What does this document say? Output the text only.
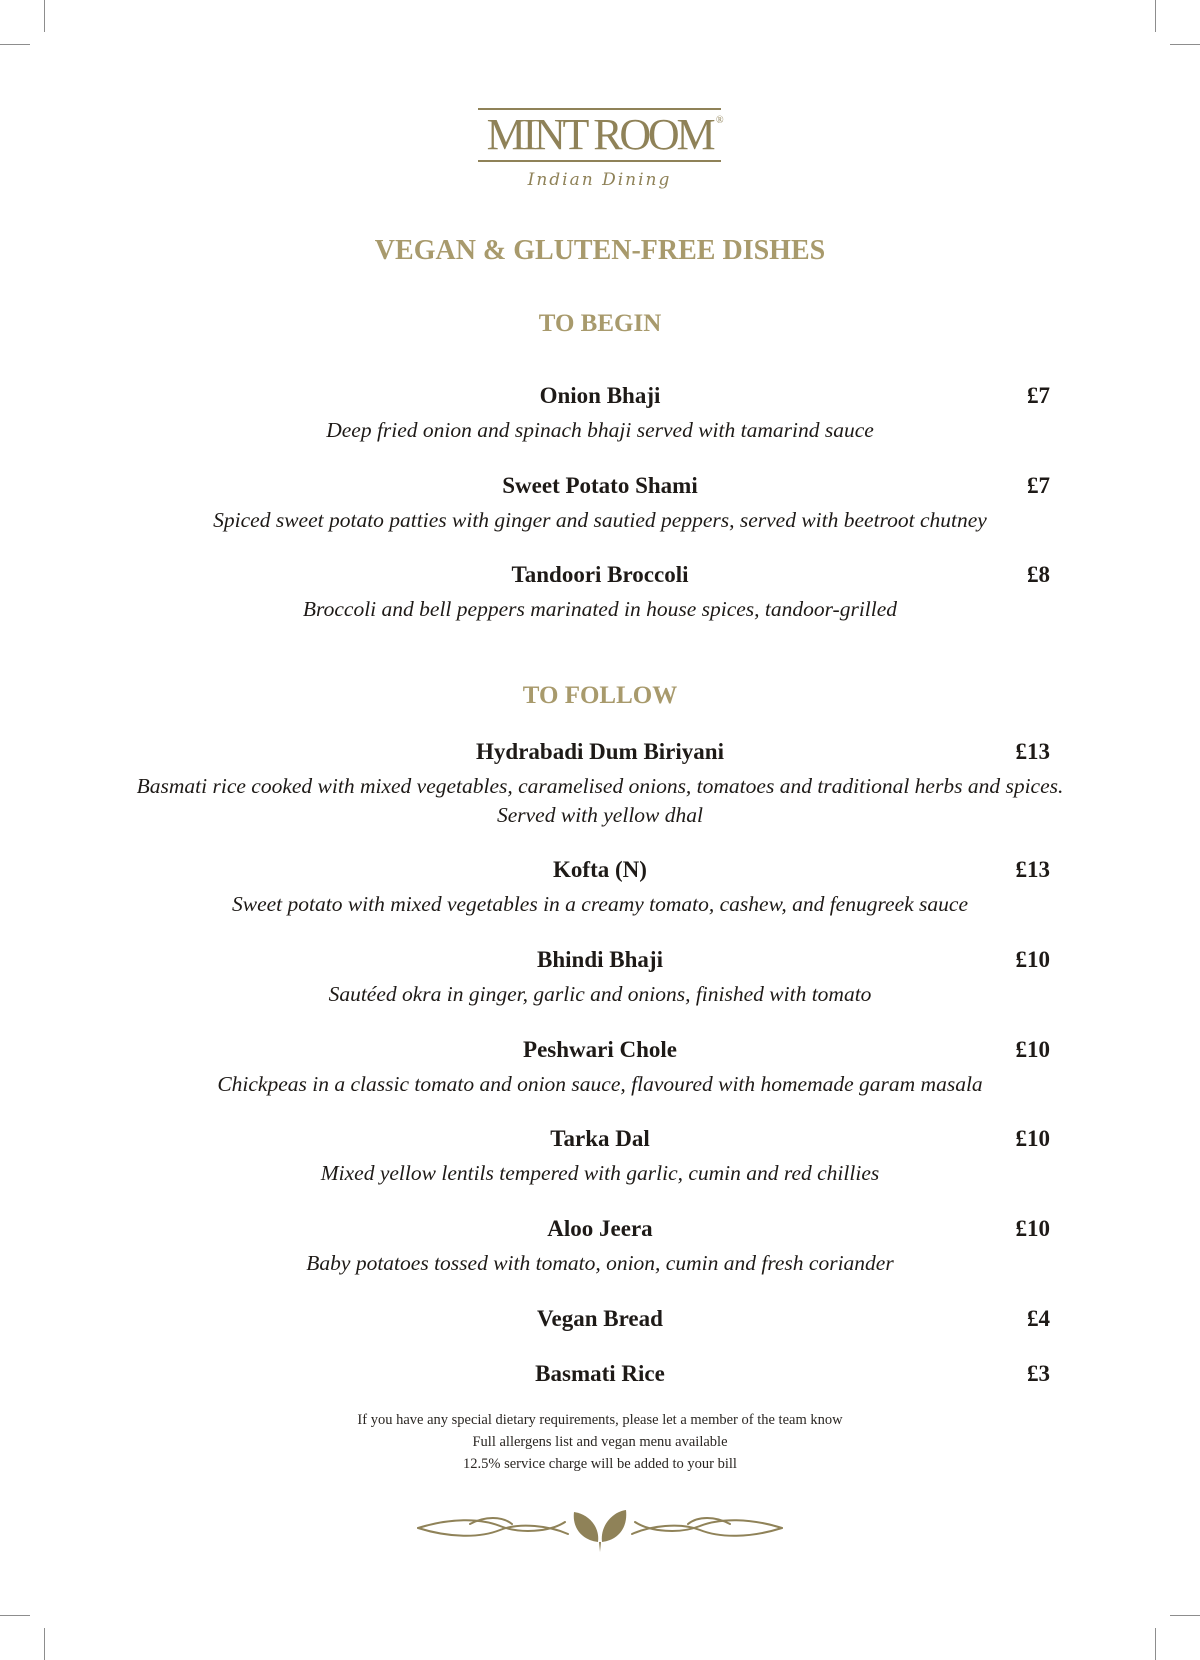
MINT ROOM ®
Indian Dining
VEGAN & GLUTEN-FREE DISHES
TO BEGIN
Onion Bhaji	£7
Deep fried onion and spinach bhaji served with tamarind sauce
Sweet Potato Shami	£7
Spiced sweet potato patties with ginger and sautied peppers, served with beetroot chutney
Tandoori Broccoli	£8
Broccoli and bell peppers marinated in house spices, tandoor-grilled
TO FOLLOW
Hydrabadi Dum Biriyani	£13
Basmati rice cooked with mixed vegetables, caramelised onions, tomatoes and traditional herbs and spices. Served with yellow dhal
Kofta (N)	£13
Sweet potato with mixed vegetables in a creamy tomato, cashew, and fenugreek sauce
Bhindi Bhaji	£10
Sautéed okra in ginger, garlic and onions, finished with tomato
Peshwari Chole	£10
Chickpeas in a classic tomato and onion sauce, flavoured with homemade garam masala
Tarka Dal	£10
Mixed yellow lentils tempered with garlic, cumin and red chillies
Aloo Jeera	£10
Baby potatoes tossed with tomato, onion, cumin and fresh coriander
Vegan Bread	£4
Basmati Rice	£3
If you have any special dietary requirements, please let a member of the team know
Full allergens list and vegan menu available
12.5% service charge will be added to your bill
